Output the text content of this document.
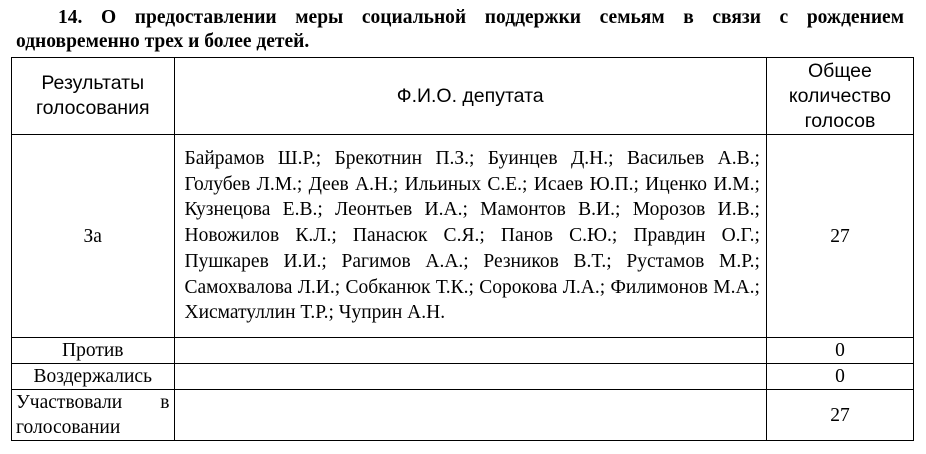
14. О предоставлении меры социальной поддержки семьям в связи с рождением
одновременно трех и более детей.
Результаты голосования	Ф.И.О. депутата	Общее количество голосов
За	Байрамов Ш.Р.; Брекотнин П.З.; Буинцев Д.Н.; Васильев А.В.; Голубев Л.М.; Деев А.Н.; Ильиных С.Е.; Исаев Ю.П.; Иценко И.М.; Кузнецова Е.В.; Леонтьев И.А.; Мамонтов В.И.; Морозов И.В.; Новожилов К.Л.; Панасюк С.Я.; Панов С.Ю.; Правдин О.Г.; Пушкарев И.И.; Рагимов А.А.; Резников В.Т.; Рустамов М.Р.; Самохвалова Л.И.; Собканюк Т.К.; Сорокова Л.А.; Филимонов М.А.; Хисматуллин Т.Р.; Чуприн А.Н.	27
Против		0
Воздержались		0
Участвовали в голосовании		27
